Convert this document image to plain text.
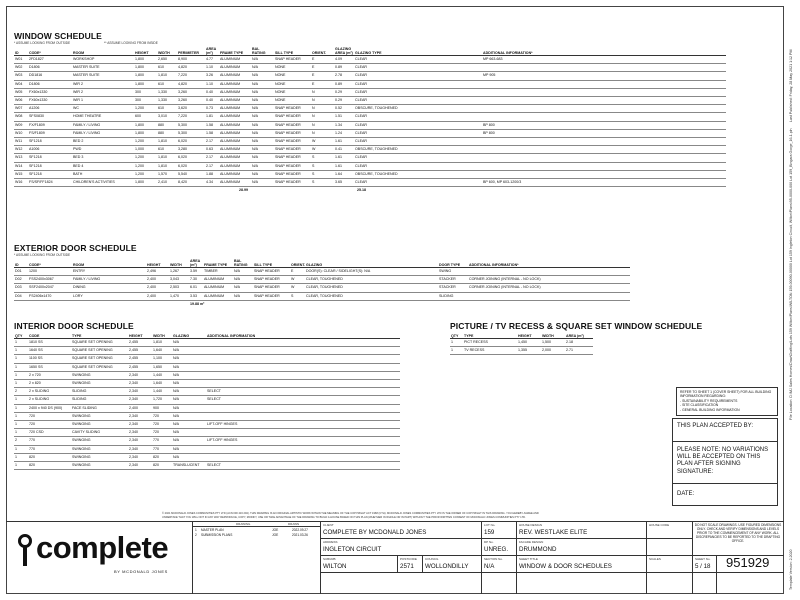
Last Published: Friday, 28 May 2021 1:12 PM
File Location: D:\MJ Sales Homes\Draw\Drafting\Lots 159 Wilton\Plans\WILTON 159-00090-00000 Lot 159 Ingleton Circuit, Wilton\Plans\95-0000-000 Lot 159_Bingara Gorge_16-1.pln
Template Version: 2.2020
WINDOW SCHEDULE
* ASSUME LOOKING FROM OUTSIDE	** ASSUME LOOKING FROM INSIDE
ID	CODE*	ROOM	HEIGHT	WIDTH	PERIMETER	AREA (m²)	FRAME TYPE	BAL RATING	SILL TYPE	ORIENT.	GLAZING AREA (m²)	GLAZING TYPE	ADDITIONAL INFORMATION*
W01	2FD1827	WORKSHOP	1,800	2,650	8,900	4.77	ALUMINIUM	N/A	SNAP HEADER	E	4.09	CLEAR	MP 663-683
W02	D1806	MASTER SUITE	1,800	610	4,820	1.10	ALUMINIUM	N/A	NONE	E	0.89	CLEAR	
W03	DD1816	MASTER SUITE	1,800	1,810	7,220	3.26	ALUMINIUM	N/A	NONE	E	2.78	CLEAR	MP 905
W04	D1806	WIR 2	1,800	610	4,820	1.10	ALUMINIUM	N/A	NONE	E	0.89	CLEAR	
W05	FX60x1330	WIR 2	300	1,330	3,260	0.40	ALUMINIUM	N/A	NONE	N	0.29	CLEAR	
W06	FX60x1330	WIR 1	300	1,330	3,260	0.40	ALUMINIUM	N/A	NONE	N	0.29	CLEAR	
W07	A1206	WC	1,200	610	3,620	0.73	ALUMINIUM	N/A	SNAP HEADER	N	0.52	OBSCURE, TOUGHENED	
W08	SFS0830	HOME THEATRE	600	3,010	7,220	1.81	ALUMINIUM	N/A	SNAP HEADER	N	1.51	CLEAR	
W09	FX/F1809	FAMILY / LIVING	1,800	880	5,300	1.58	ALUMINIUM	N/A	SNAP HEADER	N	1.34	CLEAR	BP 800
W10	FS/F1809	FAMILY / LIVING	1,800	880	5,300	1.58	ALUMINIUM	N/A	SNAP HEADER	N	1.24	CLEAR	BP 800
W11	SF1218	BED 2	1,200	1,810	6,020	2.17	ALUMINIUM	N/A	SNAP HEADER	W	1.61	CLEAR	
W12	A1006	PWD	1,000	610	3,280	0.63	ALUMINIUM	N/A	SNAP HEADER	W	0.41	OBSCURE, TOUGHENED	
W13	SF1218	BED 3	1,200	1,810	6,020	2.17	ALUMINIUM	N/A	SNAP HEADER	S	1.61	CLEAR	
W14	SF1218	BED 4	1,200	1,810	6,020	2.17	ALUMINIUM	N/A	SNAP HEADER	S	1.61	CLEAR	
W15	SF1218	BATH	1,200	1,570	5,540	1.88	ALUMINIUM	N/A	SNAP HEADER	S	1.64	OBSCURE, TOUGHENED	
W16	FS/SF/FF1824	CHILDREN'S ACTIVITIES	1,800	2,410	8,420	4.34	ALUMINIUM	N/A	SNAP HEADER	S	3.65	CLEAR	BP 600, MP 603-1200/3
28.99	25.18
EXTERIOR DOOR SCHEDULE
* ASSUME LOOKING FROM OUTSIDE
ID	CODE*	ROOM	HEIGHT	WIDTH	AREA (m²)	FRAME TYPE	BAL RATING	SILL TYPE	ORIENT.	GLAZING	DOOR TYPE	ADDITIONAL INFORMATION*
D01	1200	ENTRY	2,496	1,267	3.59	TIMBER	N/A	SNAP HEADER	E	DOOR(S): CLEAR / SIDELIGHT(S): N/A	SWING	
D02	FSS2400x3067	FAMILY / LIVING	2,400	3,043	7.30	ALUMINIUM	N/A	SNAP HEADER	W	CLEAR, TOUGHENED	STACKER	CORNER JOINING (INTERNAL - NO LOCK)
D03	SSF2400x2047	DINING	2,400	2,503	6.01	ALUMINIUM	N/A	SNAP HEADER	W	CLEAR, TOUGHENED	STACKER	CORNER JOINING (INTERNAL - NO LOCK)
D04	FS2406x1470	LORY	2,400	1,470	3.53	ALUMINIUM	N/A	SNAP HEADER	S	CLEAR, TOUGHENED	SLIDING	
19.88 m²
INTERIOR DOOR SCHEDULE
QTY	CODE	TYPE	HEIGHT	WIDTH	GLAZING	ADDITIONAL INFORMATION
1	1810 SS	SQUARE SET OPENING	2,455	1,810	N/A	
1	1640 SS	SQUARE SET OPENING	2,455	1,640	N/A	
1	1100 SS	SQUARE SET OPENING	2,455	1,100	N/A	
1	1650 SS	SQUARE SET OPENING	2,455	1,650	N/A	
1	2 x 720	SWINGING	2,340	1,440	N/A	
1	2 x 820	SWINGING	2,340	1,640	N/A	
2	2 x SLIDING	SLIDING	2,340	1,440	N/A	SELECT
1	2 x SLIDING	SLIDING	2,340	1,720	N/A	SELECT
1	2400 x 940 DS (900)	FACE SLIDING	2,400	900	N/A	
1	720	SWINGING	2,340	720	N/A	
1	720	SWINGING	2,340	720	N/A	LIFT-OFF HINGES
1	720 CSD	CAVITY SLIDING	2,340	720	N/A	
2	770	SWINGING	2,340	770	N/A	LIFT-OFF HINGES
1	770	SWINGING	2,340	770	N/A	
1	820	SWINGING	2,340	820	N/A	
1	820	SWINGING	2,340	820	TRANSLUCENT	SELECT
PICTURE / TV RECESS & SQUARE SET WINDOW SCHEDULE
QTY	TYPE	HEIGHT	WIDTH	AREA (m²)
1	PICT RECESS	1,450	1,500	2.18
1	TV RECESS	1,355	2,000	2.71
REFER TO SHEET 1 (COVER SHEET) FOR ALL BUILDING INFORMATION REGARDING:
- SUSTAINABILITY REQUIREMENTS
- SITE CLASSIFICATION
- GENERAL BUILDING INFORMATION
THIS PLAN ACCEPTED BY:
PLEASE NOTE: NO VARIATIONS WILL BE ACCEPTED ON THIS PLAN AFTER SIGNING
SIGNATURE:
DATE:
© 2021 MCDONALD JONES COMMUNITIES PTY LTD (ACN 000 416 294). THIS DRAWING IS AN ORIGINAL ARTISTIC WORK WITHIN THE MEANING OF THE COPYRIGHT ACT 1968 (CTH). MCDONALD JONES COMMUNITIES PTY LTD IS THE OWNER OF COPYRIGHT IN THIS DRAWING. YOU HEREBY AGREE AND
UNDERTAKE THAT YOU WILL NOT IN ANY WAY REPRODUCE, COPY, MODIFY, USE OR TAKE ADVANTAGE OF THE DRAWING TO BUILD A HOUSE BASED ON THIS PLAN (WHETHER IN WHOLE OR IN PART) WITHOUT THE PRIOR WRITTEN CONSENT OF MCDONALD JONES COMMUNITIES PTY LTD.
complete
BY MCDONALD JONES
DRAWING	DRAWN
1 MASTER PLAN	JOE	2022.09.27
2 SUBMISSION PLANS	JOE	2021.03.26
CLIENT
COMPLETE BY MCDONALD JONES
LOT No.
159
HOUSE DESIGN
REV. WESTLAKE ELITE
HOUSE CODE
ADDRESS
INGLETON CIRCUIT
DP No.
UNREG.
FACADE DESIGN
DRUMMOND
SUBURB
WILTON
POSTCODE
2571
COUNCIL
WOLLONDILLY
SECTION No.
N/A
SHEET TITLE
WINDOW & DOOR SCHEDULES
SCALES
DO NOT SCALE DRAWINGS. USE FIGURED DIMENSIONS ONLY. CHECK AND VERIFY DIMENSIONS AND LEVELS PRIOR TO THE COMMENCEMENT OF ANY WORK. ALL DISCREPANCIES TO BE REPORTED TO THE DRAFTING OFFICE.
SHEET No.
5 / 18 951929
